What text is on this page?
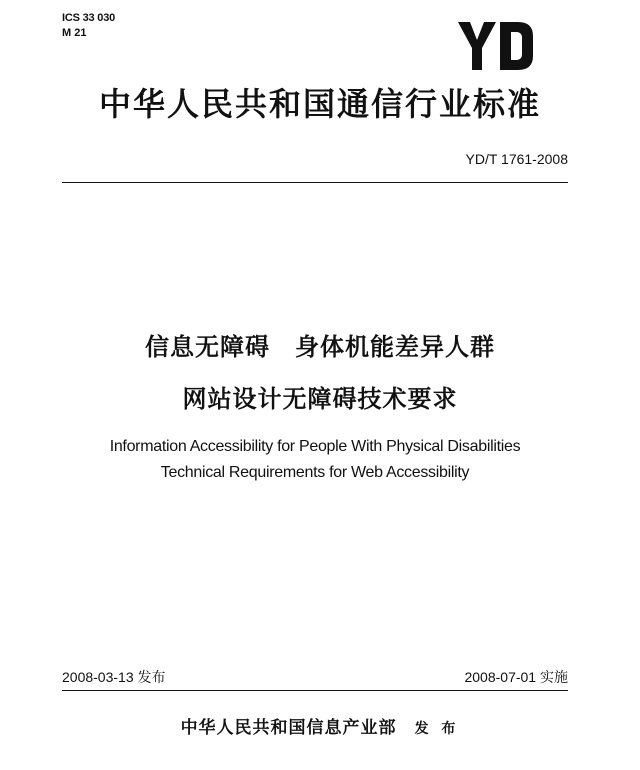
ICS 33 030
M 21
中华人民共和国通信行业标准
YD/T 1761-2008
信息无障碍　身体机能差异人群
网站设计无障碍技术要求
Information Accessibility for People With Physical Disabilities
Technical Requirements for Web Accessibility
2008-03-13 发布	2008-07-01 实施
中华人民共和国信息产业部 发 布
